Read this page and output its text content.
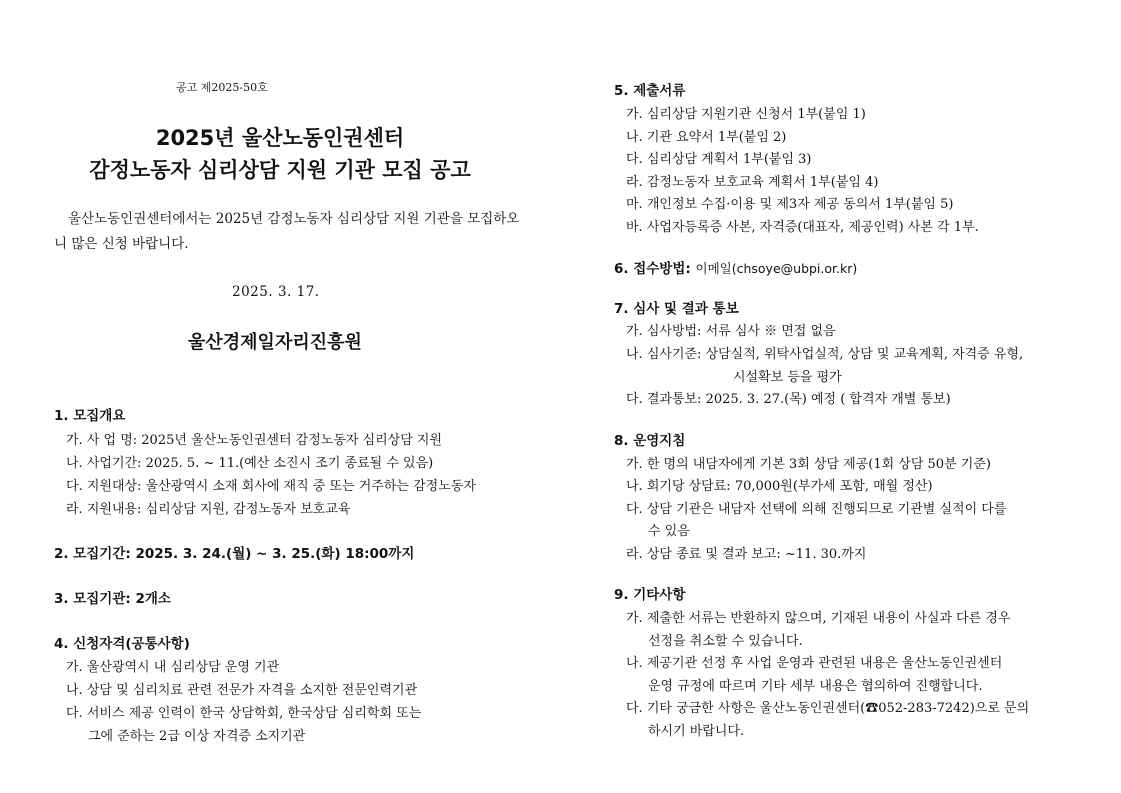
공고 제2025-50호
2025년 울산노동인권센터
감정노동자 심리상담 지원 기관 모집 공고
울산노동인권센터에서는 2025년 감정노동자 심리상담 지원 기관을 모집하오니 많은 신청 바랍니다.
2025. 3. 17.
울산경제일자리진흥원
1. 모집개요
가. 사 업 명: 2025년 울산노동인권센터 감정노동자 심리상담 지원
나. 사업기간: 2025. 5. ~ 11.(예산 소진시 조기 종료될 수 있음)
다. 지원대상: 울산광역시 소재 회사에 재직 중 또는 거주하는 감정노동자
라. 지원내용: 심리상담 지원, 감정노동자 보호교육
2. 모집기간: 2025. 3. 24.(월) ~ 3. 25.(화) 18:00까지
3. 모집기관: 2개소
4. 신청자격(공통사항)
가. 울산광역시 내 심리상담 운영 기관
나. 상담 및 심리치료 관련 전문가 자격을 소지한 전문인력기관
다. 서비스 제공 인력이 한국 상담학회, 한국상담 심리학회 또는
그에 준하는 2급 이상 자격증 소지기관
5. 제출서류
가. 심리상담 지원기관 신청서 1부(붙임 1)
나. 기관 요약서 1부(붙임 2)
다. 심리상담 계획서 1부(붙임 3)
라. 감정노동자 보호교육 계획서 1부(붙임 4)
마. 개인정보 수집·이용 및 제3자 제공 동의서 1부(붙임 5)
바. 사업자등록증 사본, 자격증(대표자, 제공인력) 사본 각 1부.
6. 접수방법: 이메일(chsoye@ubpi.or.kr)
7. 심사 및 결과 통보
가. 심사방법: 서류 심사 ※ 면접 없음
나. 심사기준: 상담실적, 위탁사업실적, 상담 및 교육계획, 자격증 유형,
시설확보 등을 평가
다. 결과통보: 2025. 3. 27.(목) 예정 ( 합격자 개별 통보)
8. 운영지침
가. 한 명의 내담자에게 기본 3회 상담 제공(1회 상담 50분 기준)
나. 회기당 상담료: 70,000원(부가세 포함, 매월 정산)
다. 상담 기관은 내담자 선택에 의해 진행되므로 기관별 실적이 다를
수 있음
라. 상담 종료 및 결과 보고: ~11. 30.까지
9. 기타사항
가. 제출한 서류는 반환하지 않으며, 기재된 내용이 사실과 다른 경우
선정을 취소할 수 있습니다.
나. 제공기관 선정 후 사업 운영과 관련된 내용은 울산노동인권센터
운영 규정에 따르며 기타 세부 내용은 협의하여 진행합니다.
다. 기타 궁금한 사항은 울산노동인권센터(☎052-283-7242)으로 문의
하시기 바랍니다.
